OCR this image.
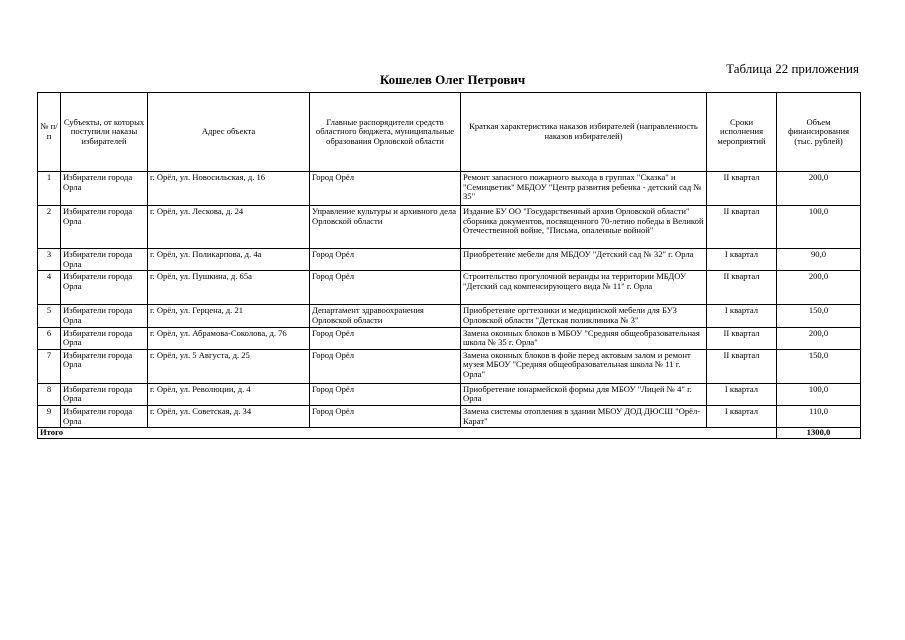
Таблица 22 приложения
Кошелев Олег Петрович
№ п/п	Субъекты, от которых поступили наказы избирателей	Адрес объекта	Главные распорядители средств областного бюджета, муниципальные образования Орловской области	Краткая характеристика наказов избирателей (направленность наказов избирателей)	Сроки исполнения мероприятий	Объем финансирования (тыс. рублей)
1	Избиратели города Орла	г. Орёл, ул. Новосильская, д. 16	Город Орёл	Ремонт запасного пожарного выхода в группах "Сказка" и "Семицветик" МБДОУ "Центр развития ребенка - детский сад № 35"	II квартал	200,0
2	Избиратели города Орла	г. Орёл, ул. Лескова, д. 24	Управление культуры и архивного дела Орловской области	Издание БУ ОО "Государственный архив Орловской области" сборника документов, посвященного 70-летию победы в Великой Отечественной войне, "Письма, опаленные войной"	II квартал	100,0
3	Избиратели города Орла	г. Орёл, ул. Поликарпова, д. 4а	Город Орёл	Приобретение мебели для МБДОУ "Детский сад № 32" г. Орла	I квартал	90,0
4	Избиратели города Орла	г. Орёл, ул. Пушкина, д. 65а	Город Орёл	Строительство прогулочной веранды на территории МБДОУ "Детский сад компенсирующего вида № 11" г. Орла	II квартал	200,0
5	Избиратели города Орла	г. Орёл, ул. Герцена, д. 21	Департамент здравоохранения Орловской области	Приобретение оргтехники и медицинской мебели для БУЗ Орловской области "Детская поликлиника № 3"	I квартал	150,0
6	Избиратели города Орла	г. Орёл, ул. Абрамова-Соколова, д. 76	Город Орёл	Замена оконных блоков в МБОУ "Средняя общеобразовательная школа № 35 г. Орла"	II квартал	200,0
7	Избиратели города Орла	г. Орёл, ул. 5 Августа, д. 25	Город Орёл	Замена оконных блоков в фойе перед актовым залом и ремонт музея МБОУ "Средняя общеобразовательная школа № 11 г. Орла"	II квартал	150,0
8	Избиратели города Орла	г. Орёл, ул. Революции, д. 4	Город Орёл	Приобретение юнармейской формы для МБОУ "Лицей № 4" г. Орла	I квартал	100,0
9	Избиратели города Орла	г. Орёл, ул. Советская, д. 34	Город Орёл	Замена системы отопления в здании МБОУ ДОД ДЮСШ "Орёл-Карат"	I квартал	110,0
Итого						1300,0
